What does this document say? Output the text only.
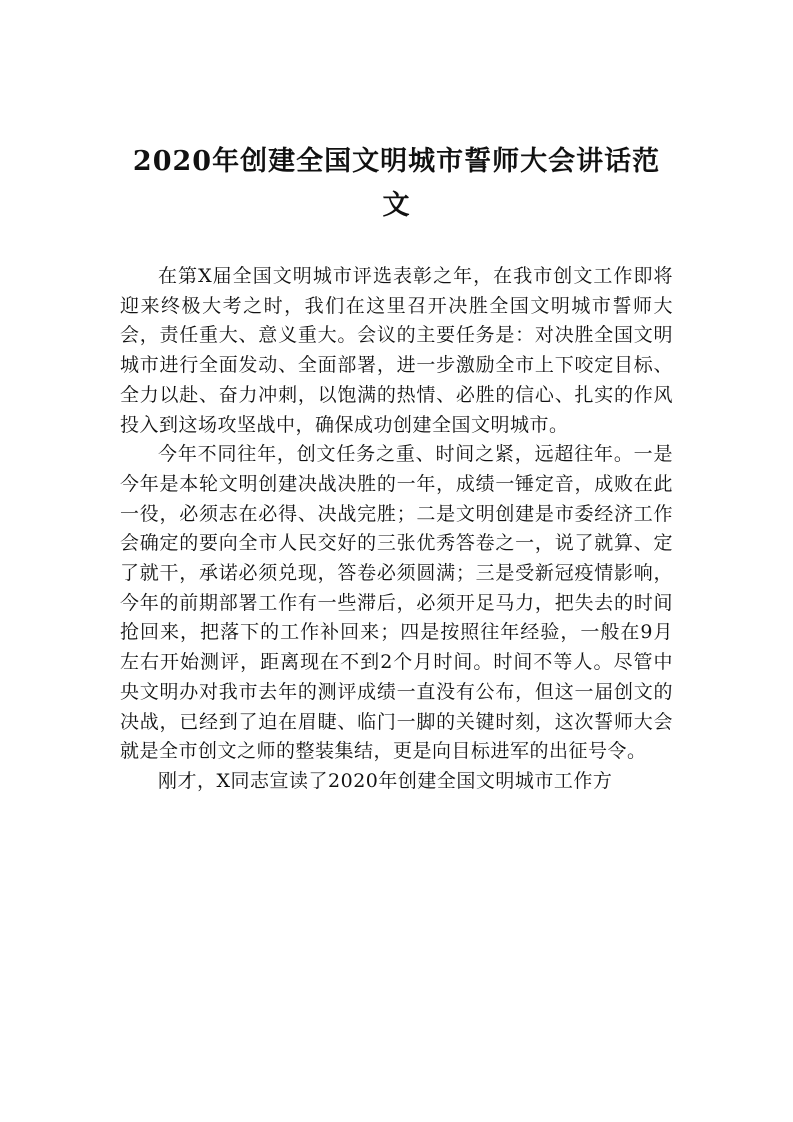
2020年创建全国文明城市誓师大会讲话范文

在第X届全国文明城市评选表彰之年，在我市创文工作即将迎来终极大考之时，我们在这里召开决胜全国文明城市誓师大会，责任重大、意义重大。会议的主要任务是：对决胜全国文明城市进行全面发动、全面部署，进一步激励全市上下咬定目标、全力以赴、奋力冲刺，以饱满的热情、必胜的信心、扎实的作风投入到这场攻坚战中，确保成功创建全国文明城市。

今年不同往年，创文任务之重、时间之紧，远超往年。一是今年是本轮文明创建决战决胜的一年，成绩一锤定音，成败在此一役，必须志在必得、决战完胜；二是文明创建是市委经济工作会确定的要向全市人民交好的三张优秀答卷之一，说了就算、定了就干，承诺必须兑现，答卷必须圆满；三是受新冠疫情影响，今年的前期部署工作有一些滞后，必须开足马力，把失去的时间抢回来，把落下的工作补回来；四是按照往年经验，一般在9月左右开始测评，距离现在不到2个月时间。时间不等人。尽管中央文明办对我市去年的测评成绩一直没有公布，但这一届创文的决战，已经到了迫在眉睫、临门一脚的关键时刻，这次誓师大会就是全市创文之师的整装集结，更是向目标进军的出征号令。

刚才，X同志宣读了2020年创建全国文明城市工作方
